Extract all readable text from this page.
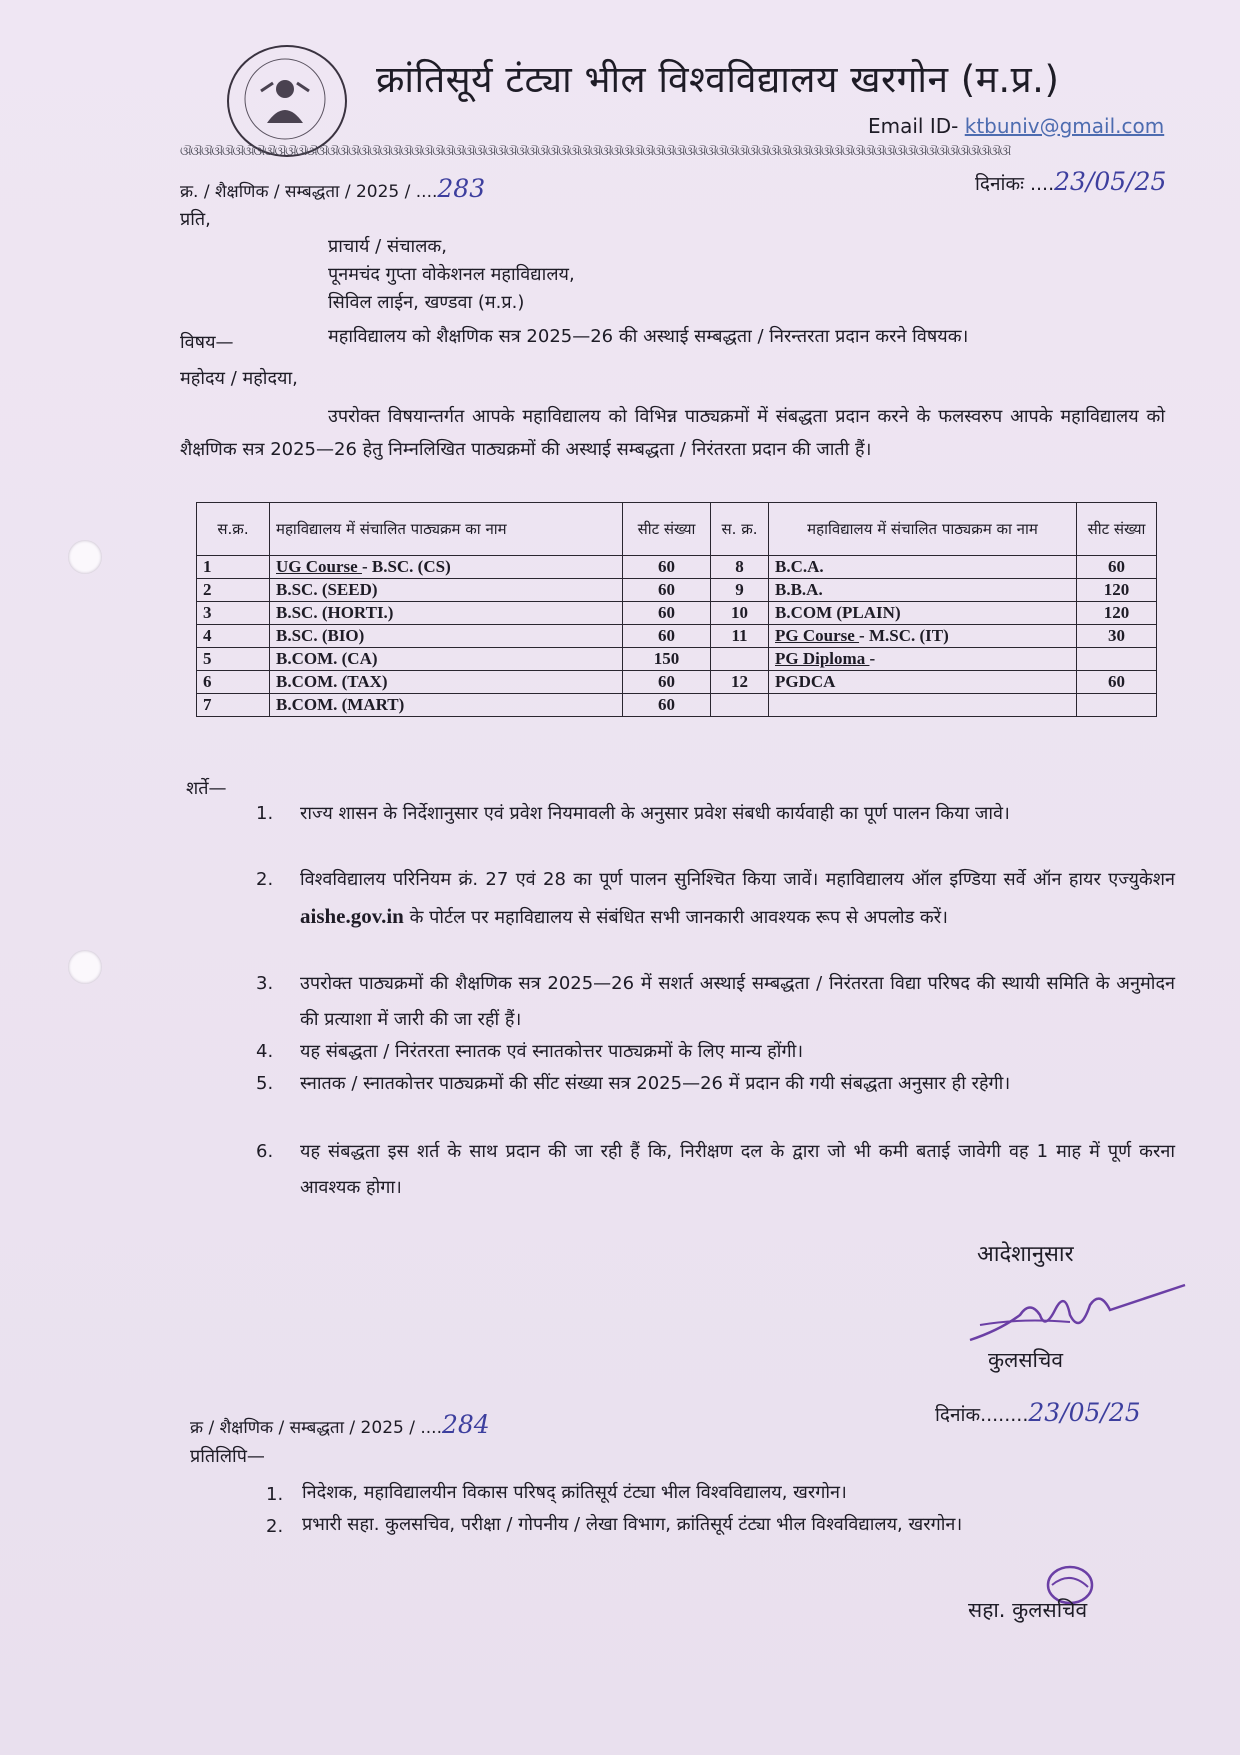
क्रांतिसूर्य टंट्या भील विश्वविद्यालय खरगोन (म.प्र.)
Email ID- ktbuniv@gmail.com
ଔଔଔଔଔଔଔଔଔଔଔଔଔଔଔଔଔଔଔଔଔଔଔଔଔଔଔଔଔଔଔଔଔଔଔଔଔଔଔଔଔଔଔଔଔଔଔଔଔଔଔଔଔଔଔଔଔଔଔଔଔଔଔଔଔଔଔଔଔଔଔଔଔଔଔଔଔଔଔ
क्र. / शैक्षणिक / सम्बद्धता / 2025 / ....283	दिनांकः ....23/05/25
प्रति,
प्राचार्य / संचालक,
पूनमचंद गुप्ता वोकेशनल महाविद्यालय,
सिविल लाईन, खण्डवा (म.प्र.)
विषय—	महाविद्यालय को शैक्षणिक सत्र 2025—26 की अस्थाई सम्बद्धता / निरन्तरता प्रदान करने विषयक।
महोदय / महोदया,
उपरोक्त विषयान्तर्गत आपके महाविद्यालय को विभिन्न पाठ्यक्रमों में संबद्धता प्रदान करने के फलस्वरुप आपके महाविद्यालय को शैक्षणिक सत्र 2025—26 हेतु निम्नलिखित पाठ्यक्रमों की अस्थाई सम्बद्धता / निरंतरता प्रदान की जाती हैं।
स.क्र.	महाविद्यालय में संचालित पाठ्यक्रम का नाम	सीट संख्या	स. क्र.	महाविद्यालय में संचालित पाठ्यक्रम का नाम	सीट संख्या
1	UG Course - B.SC. (CS)	60	8	B.C.A.	60
2	B.SC. (SEED)	60	9	B.B.A.	120
3	B.SC. (HORTI.)	60	10	B.COM (PLAIN)	120
4	B.SC. (BIO)	60	11	PG Course - M.SC. (IT)	30
5	B.COM. (CA)	150		PG Diploma -	
6	B.COM. (TAX)	60	12	PGDCA	60
7	B.COM. (MART)	60			
शर्ते—
1.	राज्य शासन के निर्देशानुसार एवं प्रवेश नियमावली के अनुसार प्रवेश संबधी कार्यवाही का पूर्ण पालन किया जावे।
2.	विश्वविद्यालय परिनियम क्रं. 27 एवं 28 का पूर्ण पालन सुनिश्चित किया जावें। महाविद्यालय ऑल इण्डिया सर्वे ऑन हायर एज्युकेशन aishe.gov.in के पोर्टल पर महाविद्यालय से संबंधित सभी जानकारी आवश्यक रूप से अपलोड करें।
3.	उपरोक्त पाठ्यक्रमों की शैक्षणिक सत्र 2025—26 में सशर्त अस्थाई सम्बद्धता / निरंतरता विद्या परिषद की स्थायी समिति के अनुमोदन की प्रत्याशा में जारी की जा रहीं हैं।
4.	यह संबद्धता / निरंतरता स्नातक एवं स्नातकोत्तर पाठ्यक्रमों के लिए मान्य होंगी।
5.	स्नातक / स्नातकोत्तर पाठ्यक्रमों की सींट संख्या सत्र 2025—26 में प्रदान की गयी संबद्धता अनुसार ही रहेगी।
6.	यह संबद्धता इस शर्त के साथ प्रदान की जा रही हैं कि, निरीक्षण दल के द्वारा जो भी कमी बताई जावेगी वह 1 माह में पूर्ण करना आवश्यक होगा।
आदेशानुसार
कुलसचिव
क्र / शैक्षणिक / सम्बद्धता / 2025 / ....284	दिनांक........23/05/25
प्रतिलिपि—
1. निदेशक, महाविद्यालयीन विकास परिषद् क्रांतिसूर्य टंट्या भील विश्वविद्यालय, खरगोन।
2. प्रभारी सहा. कुलसचिव, परीक्षा / गोपनीय / लेखा विभाग, क्रांतिसूर्य टंट्या भील विश्वविद्यालय, खरगोन।
सहा. कुलसचिव
